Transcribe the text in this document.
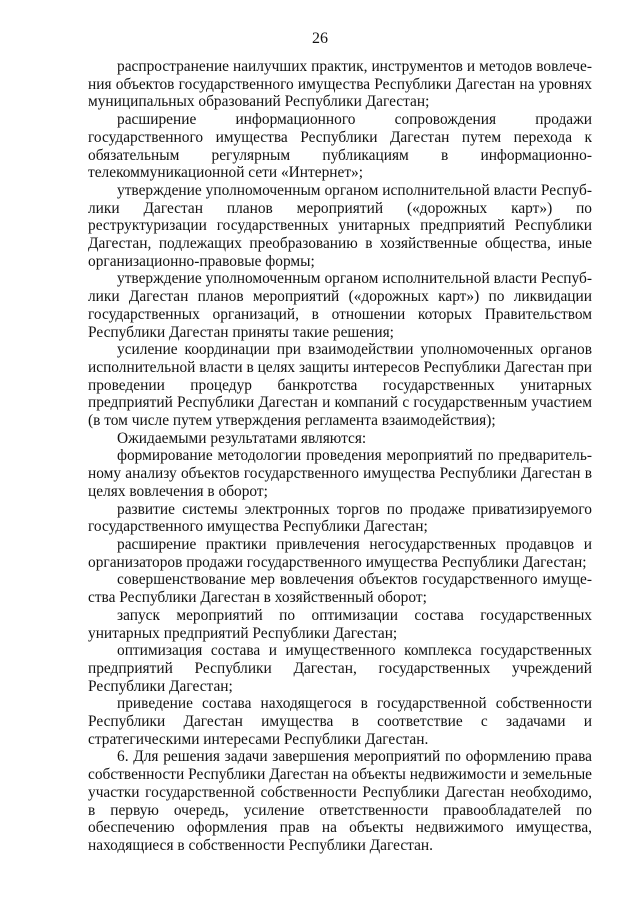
26

распространение наилучших практик, инструментов и методов вовлечения объектов государственного имущества Республики Дагестан на уровнях муниципальных образований Республики Дагестан;

расширение информационного сопровождения продажи государственного имущества Республики Дагестан путем перехода к обязательным регулярным публикациям в информационно-телекоммуникационной сети «Интернет»;

утверждение уполномоченным органом исполнительной власти Республики Дагестан планов мероприятий («дорожных карт») по реструктуризации государственных унитарных предприятий Республики Дагестан, подлежащих преобразованию в хозяйственные общества, иные организационно-правовые формы;

утверждение уполномоченным органом исполнительной власти Республики Дагестан планов мероприятий («дорожных карт») по ликвидации государственных организаций, в отношении которых Правительством Республики Дагестан приняты такие решения;

усиление координации при взаимодействии уполномоченных органов исполнительной власти в целях защиты интересов Республики Дагестан при проведении процедур банкротства государственных унитарных предприятий Республики Дагестан и компаний с государственным участием (в том числе путем утверждения регламента взаимодействия);

Ожидаемыми результатами являются:

формирование методологии проведения мероприятий по предварительному анализу объектов государственного имущества Республики Дагестан в целях вовлечения в оборот;

развитие системы электронных торгов по продаже приватизируемого государственного имущества Республики Дагестан;

расширение практики привлечения негосударственных продавцов и организаторов продажи государственного имущества Республики Дагестан;

совершенствование мер вовлечения объектов государственного имущества Республики Дагестан в хозяйственный оборот;

запуск мероприятий по оптимизации состава государственных унитарных предприятий Республики Дагестан;

оптимизация состава и имущественного комплекса государственных предприятий Республики Дагестан, государственных учреждений Республики Дагестан;

приведение состава находящегося в государственной собственности Республики Дагестан имущества в соответствие с задачами и стратегическими интересами Республики Дагестан.

6. Для решения задачи завершения мероприятий по оформлению права собственности Республики Дагестан на объекты недвижимости и земельные участки государственной собственности Республики Дагестан необходимо, в первую очередь, усиление ответственности правообладателей по обеспечению оформления прав на объекты недвижимого имущества, находящиеся в собственности Республики Дагестан.
